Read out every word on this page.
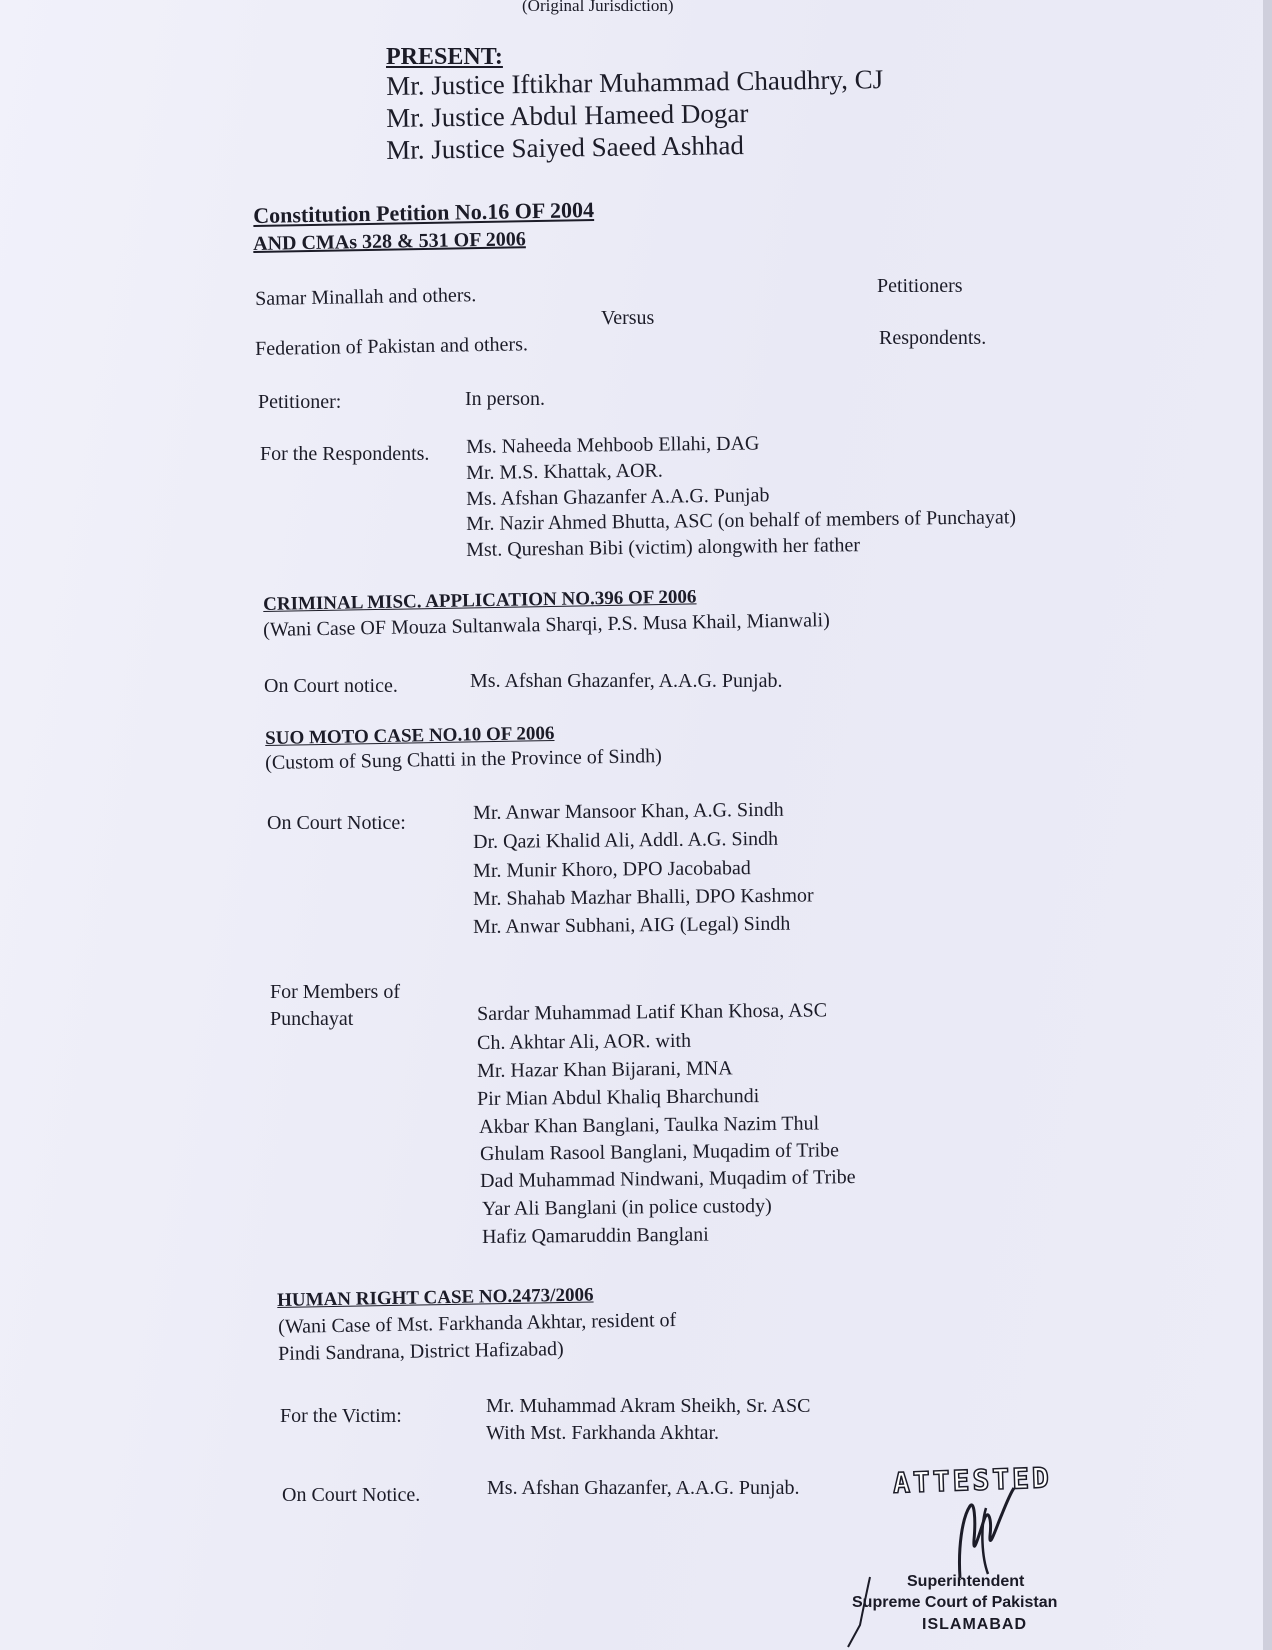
(Original Jurisdiction)
PRESENT:
Mr. Justice Iftikhar Muhammad Chaudhry, CJ
Mr. Justice Abdul Hameed Dogar
Mr. Justice Saiyed Saeed Ashhad
Constitution Petition No.16 OF 2004
AND CMAs 328 & 531 OF 2006
Samar Minallah and others.	Petitioners
Versus
Federation of Pakistan and others.	Respondents.
Petitioner:	In person.
For the Respondents. Ms. Naheeda Mehboob Ellahi, DAG
Mr. M.S. Khattak, AOR.
Ms. Afshan Ghazanfer A.A.G. Punjab
Mr. Nazir Ahmed Bhutta, ASC (on behalf of members of Punchayat)
Mst. Qureshan Bibi (victim) alongwith her father
CRIMINAL MISC. APPLICATION NO.396 OF 2006
(Wani Case OF Mouza Sultanwala Sharqi, P.S. Musa Khail, Mianwali)
On Court notice.	Ms. Afshan Ghazanfer, A.A.G. Punjab.
SUO MOTO CASE NO.10 OF 2006
(Custom of Sung Chatti in the Province of Sindh)
On Court Notice:	Mr. Anwar Mansoor Khan, A.G. Sindh
Dr. Qazi Khalid Ali, Addl. A.G. Sindh
Mr. Munir Khoro, DPO Jacobabad
Mr. Shahab Mazhar Bhalli, DPO Kashmor
Mr. Anwar Subhani, AIG (Legal) Sindh
For Members of
Punchayat	Sardar Muhammad Latif Khan Khosa, ASC
Ch. Akhtar Ali, AOR. with
Mr. Hazar Khan Bijarani, MNA
Pir Mian Abdul Khaliq Bharchundi
Akbar Khan Banglani, Taulka Nazim Thul
Ghulam Rasool Banglani, Muqadim of Tribe
Dad Muhammad Nindwani, Muqadim of Tribe
Yar Ali Banglani (in police custody)
Hafiz Qamaruddin Banglani
HUMAN RIGHT CASE NO.2473/2006
(Wani Case of Mst. Farkhanda Akhtar, resident of
Pindi Sandrana, District Hafizabad)
For the Victim:	Mr. Muhammad Akram Sheikh, Sr. ASC
With Mst. Farkhanda Akhtar.
On Court Notice.	Ms. Afshan Ghazanfer, A.A.G. Punjab.	ATTESTED
Superintendent
Supreme Court of Pakistan
ISLAMABAD
